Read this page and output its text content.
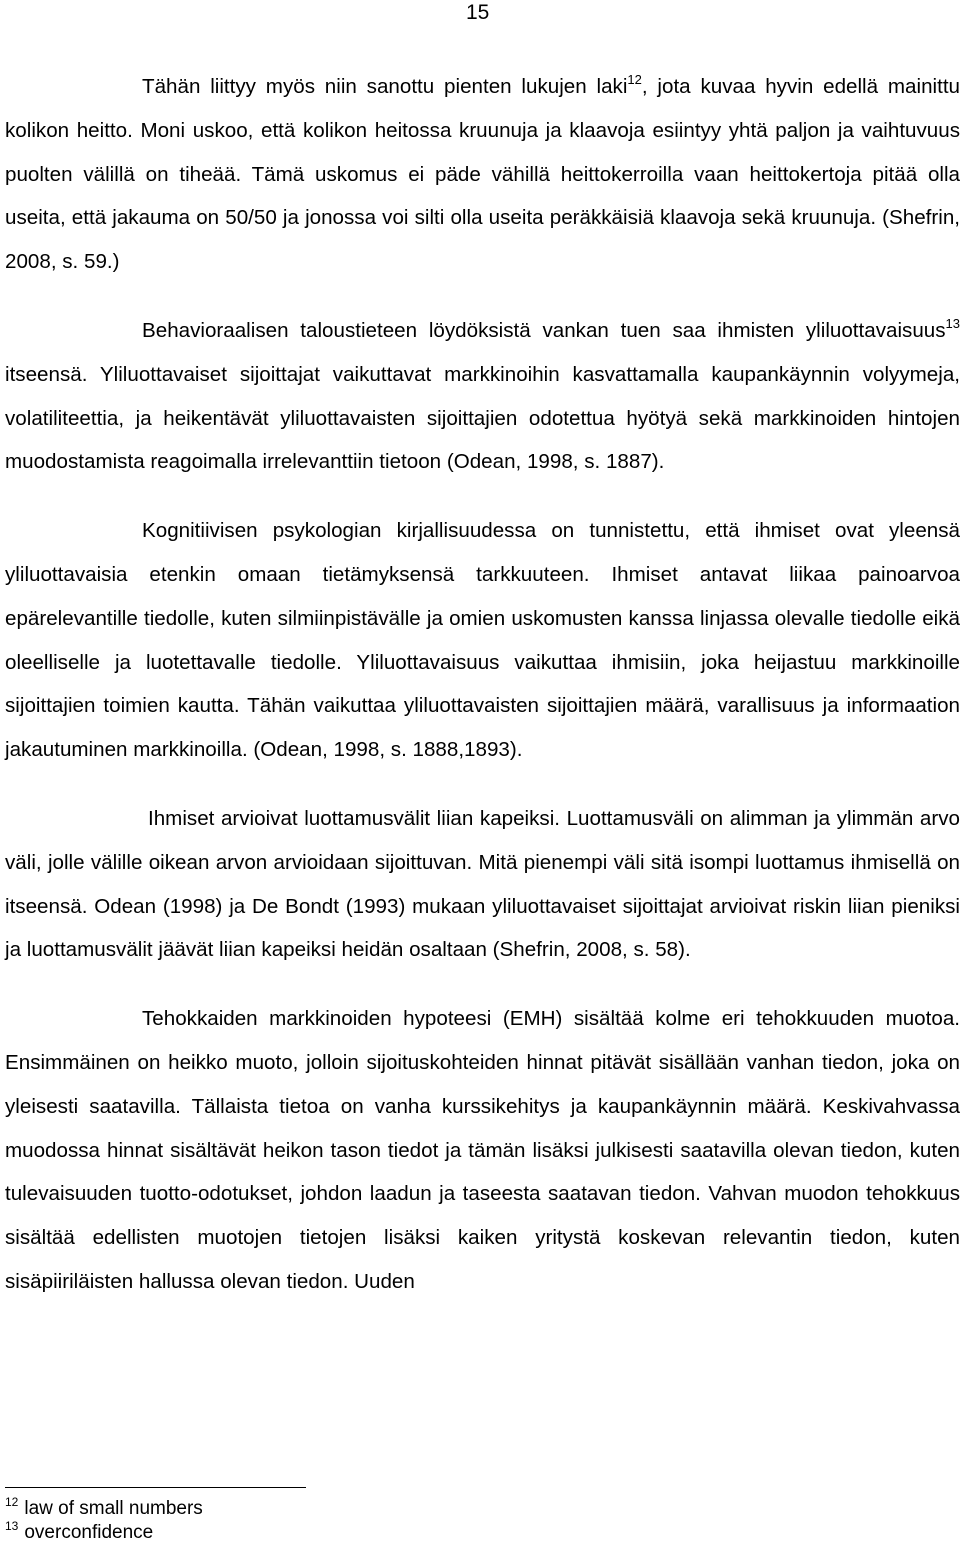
15

Tähän liittyy myös niin sanottu pienten lukujen laki$^{12}$, jota kuvaa hyvin edellä mainittu kolikon heitto. Moni uskoo, että kolikon heitossa kruunuja ja klaavoja esiintyy yhtä paljon ja vaihtuvuus puolten välillä on tiheää. Tämä uskomus ei päde vähillä heittokerroilla vaan heittokertoja pitää olla useita, että jakauma on 50/50 ja jonossa voi silti olla useita peräkkäisiä klaavoja sekä kruunuja. (Shefrin, 2008, s. 59.)

Behavioraalisen taloustieteen löydöksistä vankan tuen saa ihmisten yliluottavaisuus$^{13}$ itseensä. Yliluottavaiset sijoittajat vaikuttavat markkinoihin kasvattamalla kaupankäynnin volyymeja, volatiliteettia, ja heikentävät yliluottavaisten sijoittajien odotettua hyötyä sekä markkinoiden hintojen muodostamista reagoimalla irrelevanttiin tietoon (Odean, 1998, s. 1887).

Kognitiivisen psykologian kirjallisuudessa on tunnistettu, että ihmiset ovat yleensä yliluottavaisia etenkin omaan tietämyksensä tarkkuuteen. Ihmiset antavat liikaa painoarvoa epärelevantille tiedolle, kuten silmiinpistävälle ja omien uskomusten kanssa linjassa olevalle tiedolle eikä oleelliselle ja luotettavalle tiedolle. Yliluottavaisuus vaikuttaa ihmisiin, joka heijastuu markkinoille sijoittajien toimien kautta. Tähän vaikuttaa yliluottavaisten sijoittajien määrä, varallisuus ja informaation jakautuminen markkinoilla. (Odean, 1998, s. 1888,1893).

Ihmiset arvioivat luottamusvälit liian kapeiksi. Luottamusväli on alimman ja ylimmän arvo väli, jolle välille oikean arvon arvioidaan sijoittuvan. Mitä pienempi väli sitä isompi luottamus ihmisellä on itseensä. Odean (1998) ja De Bondt (1993) mukaan yliluottavaiset sijoittajat arvioivat riskin liian pieniksi ja luottamusvälit jäävät liian kapeiksi heidän osaltaan (Shefrin, 2008, s. 58).

Tehokkaiden markkinoiden hypoteesi (EMH) sisältää kolme eri tehokkuuden muotoa. Ensimmäinen on heikko muoto, jolloin sijoituskohteiden hinnat pitävät sisällään vanhan tiedon, joka on yleisesti saatavilla. Tällaista tietoa on vanha kurssikehitys ja kaupankäynnin määrä. Keskivahvassa muodossa hinnat sisältävät heikon tason tiedot ja tämän lisäksi julkisesti saatavilla olevan tiedon, kuten tulevaisuuden tuotto-odotukset, johdon laadun ja taseesta saatavan tiedon. Vahvan muodon tehokkuus sisältää edellisten muotojen tietojen lisäksi kaiken yritystä koskevan relevantin tiedon, kuten sisäpiiriläisten hallussa olevan tiedon. Uuden

$^{12}$ law of small numbers
$^{13}$ overconfidence
